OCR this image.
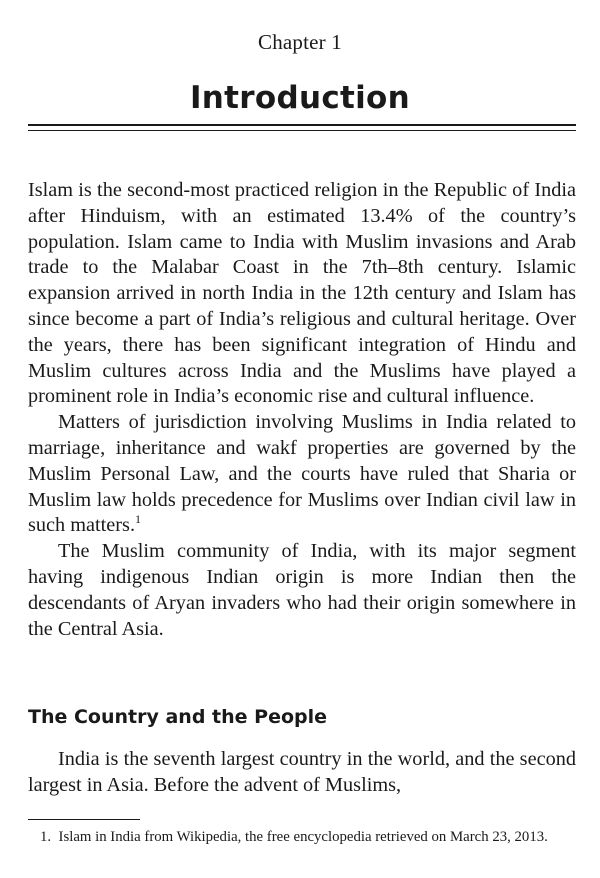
Chapter 1
Introduction

Islam is the second-most practiced religion in the Republic of India after Hinduism, with an estimated 13.4% of the country’s population. Islam came to India with Muslim invasions and Arab trade to the Malabar Coast in the 7th–8th century. Islamic expansion arrived in north India in the 12th century and Islam has since become a part of India’s religious and cultural heritage. Over the years, there has been significant integration of Hindu and Muslim cultures across India and the Muslims have played a prominent role in India’s economic rise and cultural influence.

Matters of jurisdiction involving Muslims in India related to marriage, inheritance and wakf properties are governed by the Muslim Personal Law, and the courts have ruled that Sharia or Muslim law holds precedence for Muslims over Indian civil law in such matters.$^1$

The Muslim community of India, with its major segment having indigenous Indian origin is more Indian then the descendants of Aryan invaders who had their origin somewhere in the Central Asia.

The Country and the People

India is the seventh largest country in the world, and the second largest in Asia. Before the advent of Muslims,

1. Islam in India from Wikipedia, the free encyclopedia retrieved on March 23, 2013.
